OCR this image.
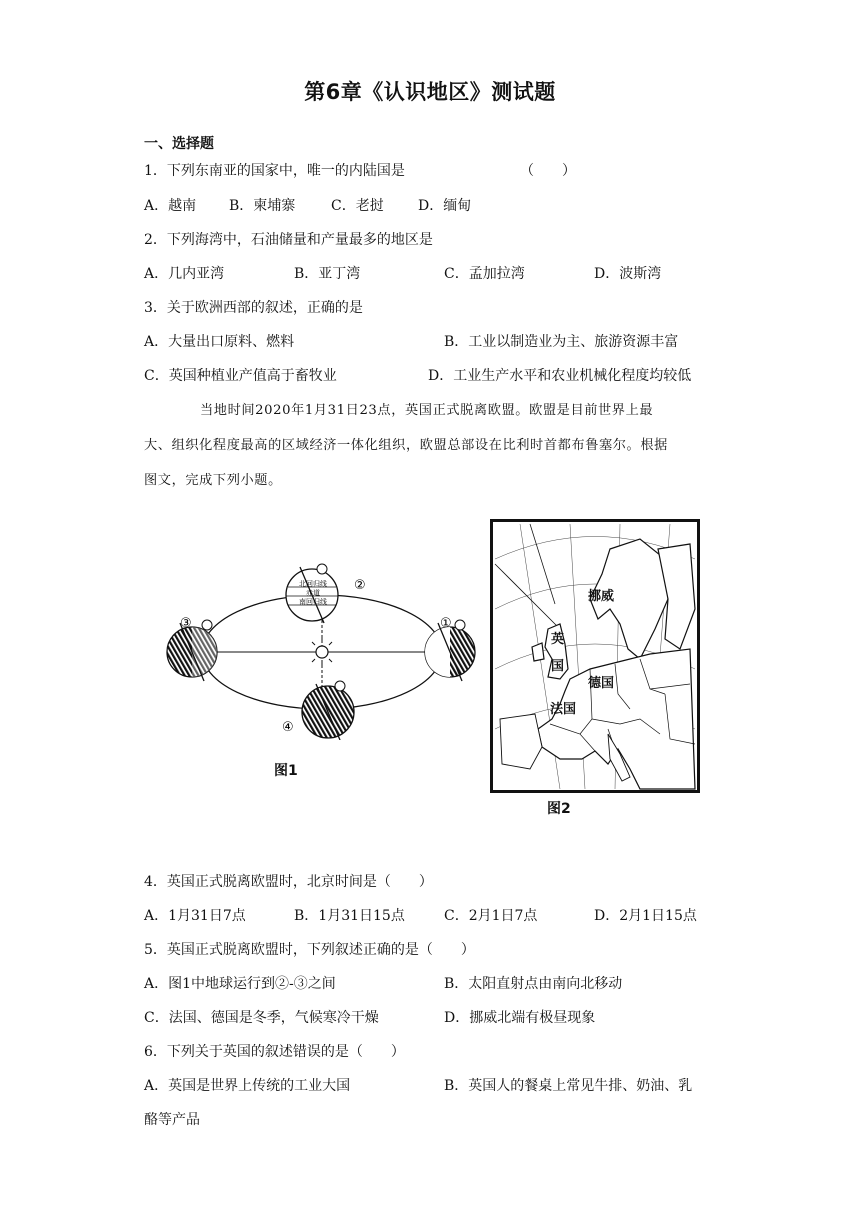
第6章《认识地区》测试题
一、选择题
1．下列东南亚的国家中，唯一的内陆国是	（　　）
A．越南 B．柬埔寨	C．老挝 D．缅甸
2．下列海湾中，石油储量和产量最多的地区是
A．几内亚湾	B．亚丁湾	C．孟加拉湾	D．波斯湾
3．关于欧洲西部的叙述，正确的是
A．大量出口原料、燃料	B．工业以制造业为主、旅游资源丰富
C．英国种植业产值高于畜牧业	D．工业生产水平和农业机械化程度均较低
当地时间2020年1月31日23点，英国正式脱离欧盟。欧盟是目前世界上最
大、组织化程度最高的区域经济一体化组织，欧盟总部设在比利时首都布鲁塞尔。根据
图文，完成下列小题。
北回归线
赤道
南回归线
②
③	①
④
图1
挪威
英
国
德国
法国
图2
4．英国正式脱离欧盟时，北京时间是（　　）
A．1月31日7点	B．1月31日15点	C．2月1日7点	D．2月1日15点
5．英国正式脱离欧盟时，下列叙述正确的是（　　）
A．图1中地球运行到②-③之间	B．太阳直射点由南向北移动
C．法国、德国是冬季，气候寒冷干燥	D．挪威北端有极昼现象
6．下列关于英国的叙述错误的是（　　）
A．英国是世界上传统的工业大国	B．英国人的餐桌上常见牛排、奶油、乳
酪等产品
